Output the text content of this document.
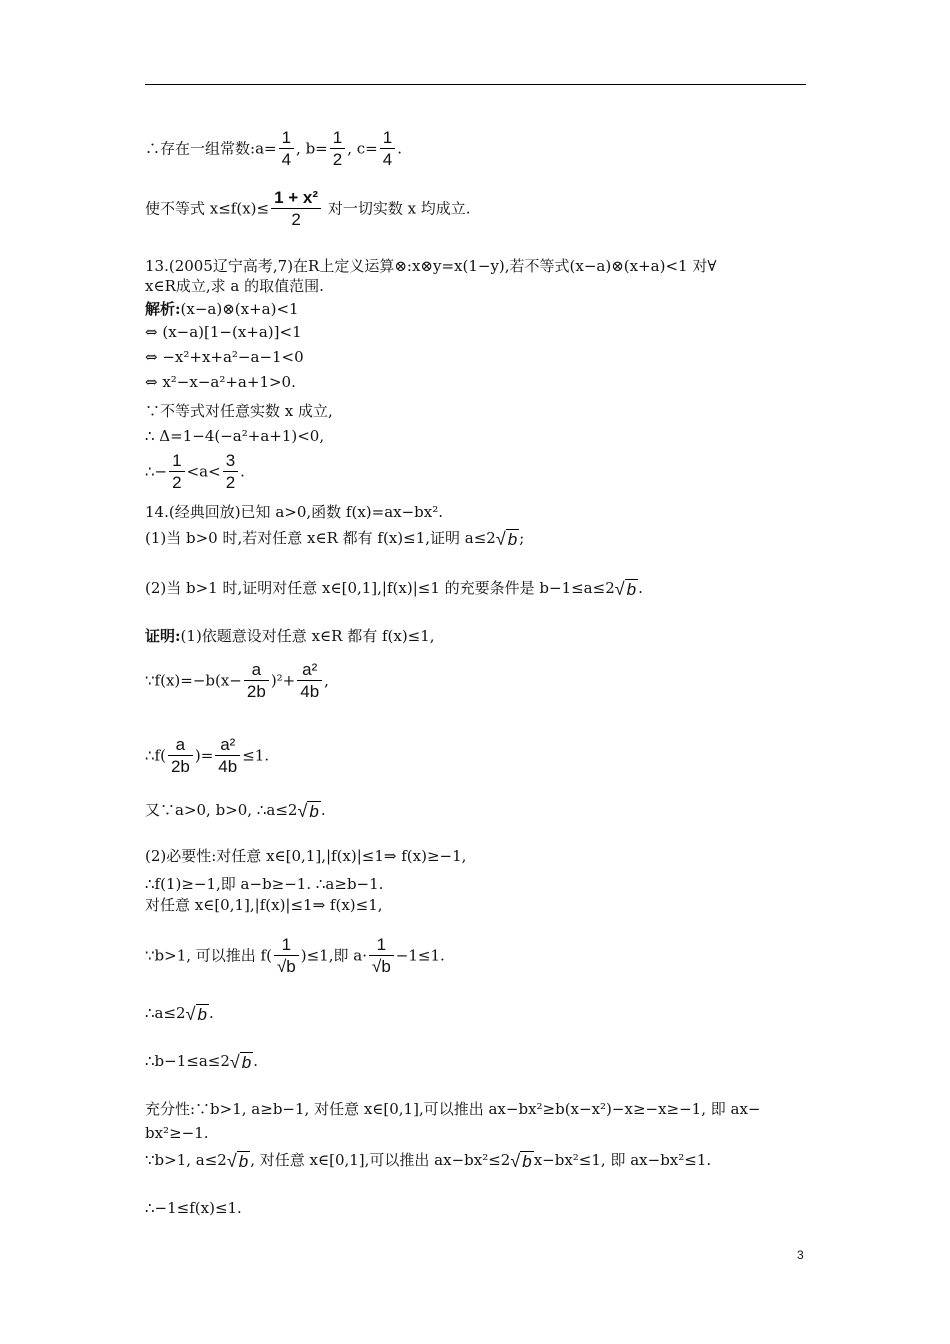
∴存在一组常数:a= $\frac{1}{4}$ , $b= \frac{1}{2}$ , $c= \frac{1}{4}$ .
使不等式 $x\le f(x)\le \frac{\text{1 + x²}}{2}$ 对一切实数 x 均成立.
13.(2005辽宁高考,7)在R上定义运算⊗:x⊗y=x(1−y),若不等式(x−a)⊗(x+a)<1 对∀
x∈R成立,求 a 的取值范围.
解析:(x−a)⊗(x+a)<1
⇔ (x−a)[1−(x+a)]<1
⇔ −x²+x+a²−a−1<0
⇔ x²−x−a²+a+1>0.
∵不等式对任意实数 x 成立,
∴ Δ=1−4(−a²+a+1)<0,
∴− $\frac{1}{2} <a< \frac{3}{2}$ .
14.(经典回放)已知 a>0,函数 f(x)=ax−bx².
(1)当 b>0 时,若对任意 x∈R 都有 f(x)≤1,证明 a≤2√ b ;
(2)当 b>1 时,证明对任意 x∈[0,1],|f(x)|≤1 的充要条件是 b−1≤a≤2√ b .
证明:(1)依题意设对任意 x∈R 都有 f(x)≤1,
∵f(x)=−b(x− $\frac{a}{2b} )^2+ \frac{\text{a²}}{4b}$ ,
∴f( $\frac{a}{2b}$ )= $\frac{\text{a²}}{4b} \le 1$.
又∵a>0, b>0, ∴a≤2√ b .
(2)必要性:对任意 x∈[0,1],|f(x)|≤1⇒ f(x)≥−1,
∴f(1)≥−1,即 a−b≥−1. ∴a≥b−1.
对任意 x∈[0,1],|f(x)|≤1⇒ f(x)≤1,
∵b>1, 可以推出 $f( \frac{1}{√b} )\le 1$,即 $a\cdot \frac{1}{√b} -1\le 1$.
∴a≤2√ b .
∴b−1≤a≤2√ b .
充分性:∵b>1, a≥b−1, 对任意 x∈[0,1],可以推出 ax−bx²≥b(x−x²)−x≥−x≥−1, 即 ax−
bx²≥−1.
∵b>1, a≤2√ b , 对任意 x∈[0,1],可以推出 ax−bx²≤2√ b x−bx²≤1, 即 ax−bx²≤1.
∴−1≤f(x)≤1.
3
